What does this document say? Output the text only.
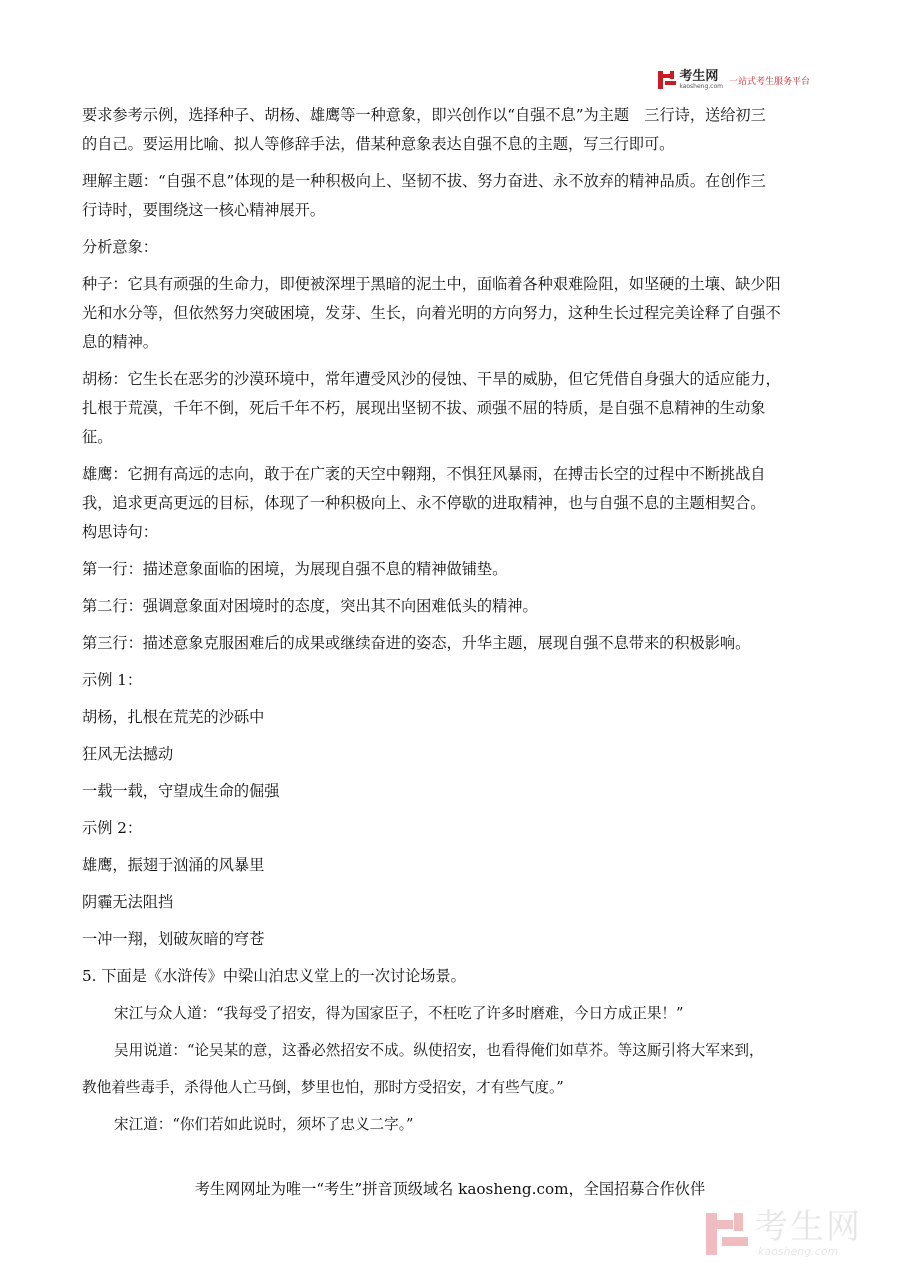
考生网
kaosheng.com 一站式考生服务平台
要求参考示例，选择种子、胡杨、雄鹰等一种意象，即兴创作以“自强不息”为主题　三行诗，送给初三
的自己。要运用比喻、拟人等修辞手法，借某种意象表达自强不息的主题，写三行即可。
理解主题：“自强不息”体现的是一种积极向上、坚韧不拔、努力奋进、永不放弃的精神品质。在创作三
行诗时，要围绕这一核心精神展开。
分析意象：
种子：它具有顽强的生命力，即便被深埋于黑暗的泥土中，面临着各种艰难险阻，如坚硬的土壤、缺少阳
光和水分等，但依然努力突破困境，发芽、生长，向着光明的方向努力，这种生长过程完美诠释了自强不
息的精神。
胡杨：它生长在恶劣的沙漠环境中，常年遭受风沙的侵蚀、干旱的威胁，但它凭借自身强大的适应能力，
扎根于荒漠，千年不倒，死后千年不朽，展现出坚韧不拔、顽强不屈的特质，是自强不息精神的生动象
征。
雄鹰：它拥有高远的志向，敢于在广袤的天空中翱翔，不惧狂风暴雨，在搏击长空的过程中不断挑战自
我，追求更高更远的目标，体现了一种积极向上、永不停歇的进取精神，也与自强不息的主题相契合。
构思诗句：
第一行：描述意象面临的困境，为展现自强不息的精神做铺垫。
第二行：强调意象面对困境时的态度，突出其不向困难低头的精神。
第三行：描述意象克服困难后的成果或继续奋进的姿态，升华主题，展现自强不息带来的积极影响。
示例 1：
胡杨，扎根在荒芜的沙砾中
狂风无法撼动
一载一载，守望成生命的倔强
示例 2：
雄鹰，振翅于汹涌的风暴里
阴霾无法阻挡
一冲一翔，划破灰暗的穹苍
5. 下面是《水浒传》中梁山泊忠义堂上的一次讨论场景。
宋江与众人道：“我每受了招安，得为国家臣子，不枉吃了许多时磨难，今日方成正果！”
吴用说道：“论吴某的意，这番必然招安不成。纵使招安，也看得俺们如草芥。等这厮引将大军来到，
教他着些毒手，杀得他人亡马倒，梦里也怕，那时方受招安，才有些气度。”
宋江道：“你们若如此说时，须坏了忠义二字。”
考生网网址为唯一“考生”拼音顶级域名 kaosheng.com，全国招募合作伙伴
考生网
kaosheng.com
